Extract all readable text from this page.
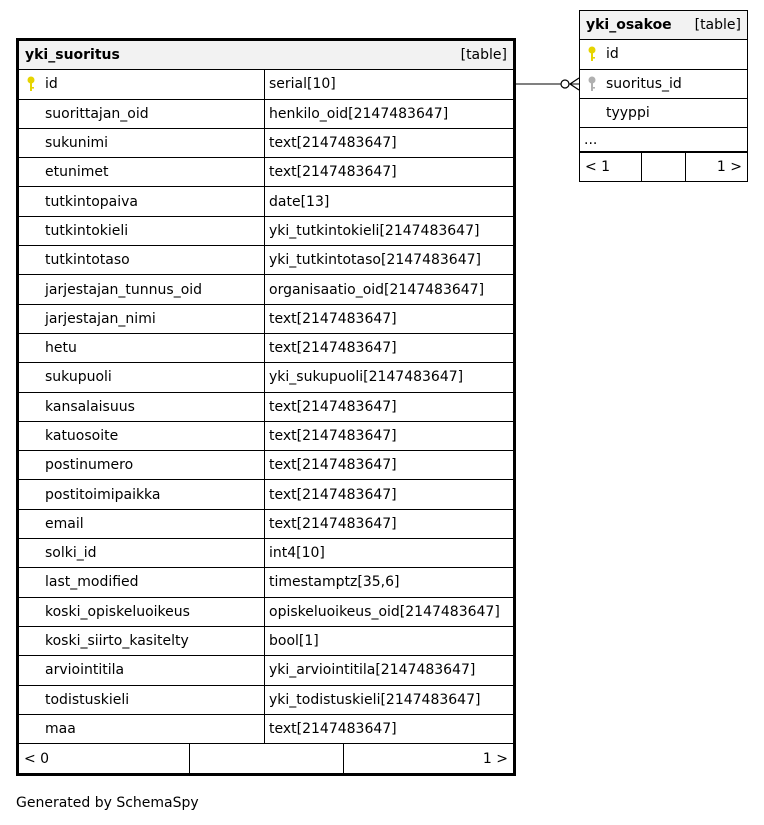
yki_suoritus	[table]
id	serial[10]
suorittajan_oid	henkilo_oid[2147483647]
sukunimi	text[2147483647]
etunimet	text[2147483647]
tutkintopaiva	date[13]
tutkintokieli	yki_tutkintokieli[2147483647]
tutkintotaso	yki_tutkintotaso[2147483647]
jarjestajan_tunnus_oid	organisaatio_oid[2147483647]
jarjestajan_nimi	text[2147483647]
hetu	text[2147483647]
sukupuoli	yki_sukupuoli[2147483647]
kansalaisuus	text[2147483647]
katuosoite	text[2147483647]
postinumero	text[2147483647]
postitoimipaikka	text[2147483647]
email	text[2147483647]
solki_id	int4[10]
last_modified	timestamptz[35,6]
koski_opiskeluoikeus	opiskeluoikeus_oid[2147483647]
koski_siirto_kasitelty	bool[1]
arviointitila	yki_arviointitila[2147483647]
todistuskieli	yki_todistuskieli[2147483647]
maa	text[2147483647]
< 0	1 >
yki_osakoe	[table]
id
suoritus_id
tyyppi
...
< 1	1 >
Generated by SchemaSpy
